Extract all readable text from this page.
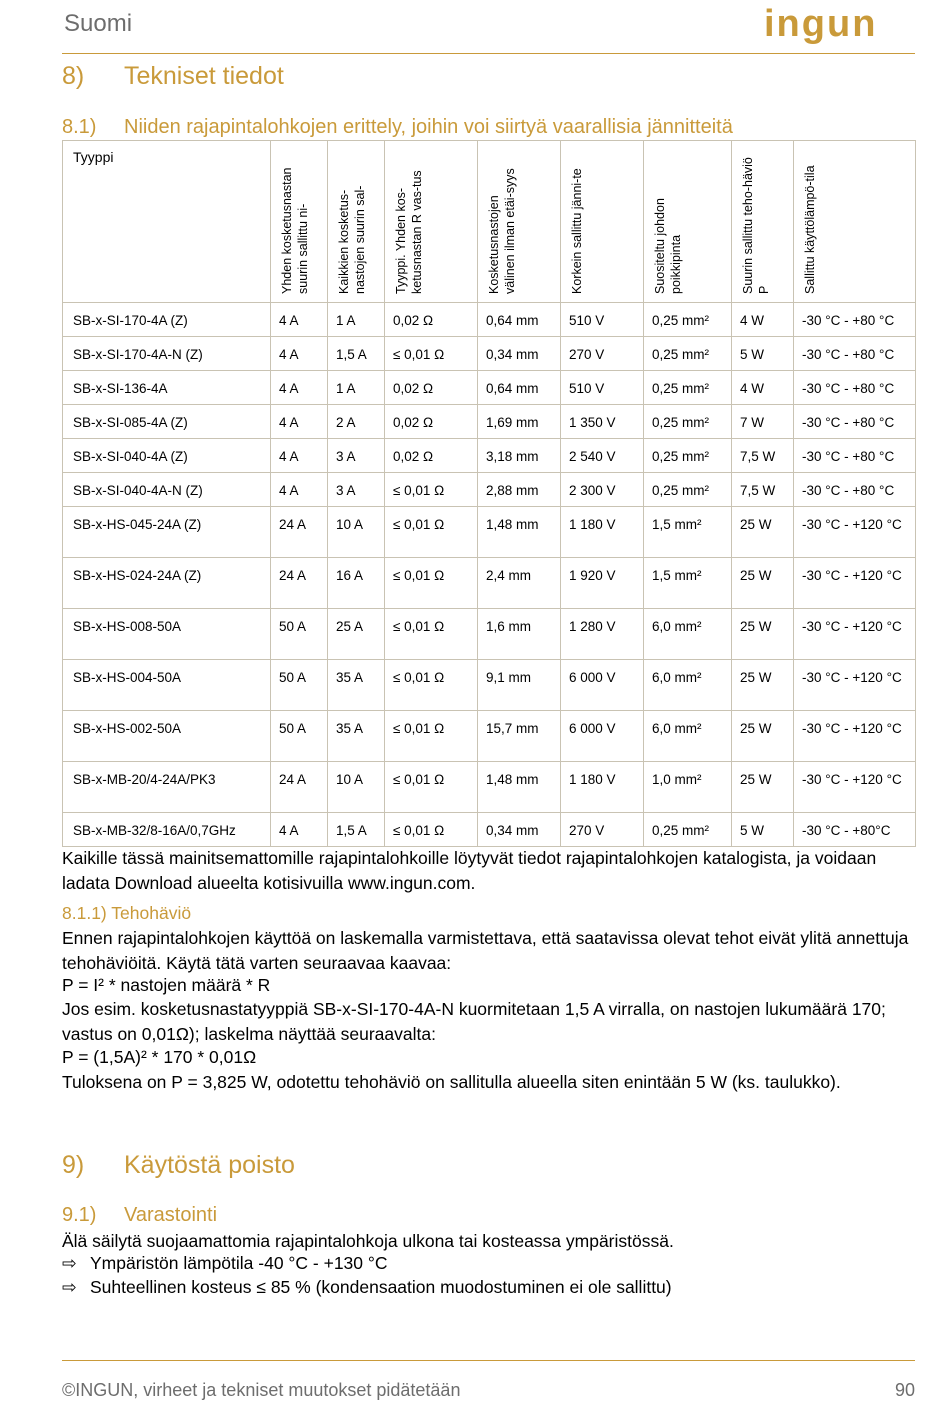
Suomi	ingun
8) Tekniset tiedot
8.1) Niiden rajapintalohkojen erittely, joihin voi siirtyä vaarallisia jännitteitä
Tyyppi	Yhden kosketusnastan suurin sallittu ni-	Kaikkien kosketus-nastojen suurin sal-	Tyyppi. Yhden kos-ketusnastan R vas-tus	Kosketusnastojen välinen ilman etäi-syys	Korkein sallittu jänni-te	Suositeltu johdon poikkipinta	Suurin sallittu teho-häviö P	Sallittu käyttölämpö-tila

SB-x-SI-170-4A (Z)	4 A	1 A	0,02 Ω	0,64 mm	510 V	0,25 mm²	4 W	-30 °C - +80 °C
SB-x-SI-170-4A-N (Z)	4 A	1,5 A	≤ 0,01 Ω	0,34 mm	270 V	0,25 mm²	5 W	-30 °C - +80 °C
SB-x-SI-136-4A	4 A	1 A	0,02 Ω	0,64 mm	510 V	0,25 mm²	4 W	-30 °C - +80 °C
SB-x-SI-085-4A (Z)	4 A	2 A	0,02 Ω	1,69 mm	1 350 V	0,25 mm²	7 W	-30 °C - +80 °C
SB-x-SI-040-4A (Z)	4 A	3 A	0,02 Ω	3,18 mm	2 540 V	0,25 mm²	7,5 W	-30 °C - +80 °C
SB-x-SI-040-4A-N (Z)	4 A	3 A	≤ 0,01 Ω	2,88 mm	2 300 V	0,25 mm²	7,5 W	-30 °C - +80 °C
SB-x-HS-045-24A (Z)	24 A	10 A	≤ 0,01 Ω	1,48 mm	1 180 V	1,5 mm²	25 W	-30 °C - +120 °C
SB-x-HS-024-24A (Z)	24 A	16 A	≤ 0,01 Ω	2,4 mm	1 920 V	1,5 mm²	25 W	-30 °C - +120 °C
SB-x-HS-008-50A	50 A	25 A	≤ 0,01 Ω	1,6 mm	1 280 V	6,0 mm²	25 W	-30 °C - +120 °C
SB-x-HS-004-50A	50 A	35 A	≤ 0,01 Ω	9,1 mm	6 000 V	6,0 mm²	25 W	-30 °C - +120 °C
SB-x-HS-002-50A	50 A	35 A	≤ 0,01 Ω	15,7 mm	6 000 V	6,0 mm²	25 W	-30 °C - +120 °C
SB-x-MB-20/4-24A/PK3	24 A	10 A	≤ 0,01 Ω	1,48 mm	1 180 V	1,0 mm²	25 W	-30 °C - +120 °C
SB-x-MB-32/8-16A/0,7GHz	4 A	1,5 A	≤ 0,01 Ω	0,34 mm	270 V	0,25 mm²	5 W	-30 °C - +80°C
Kaikille tässä mainitsemattomille rajapintalohkoille löytyvät tiedot rajapintalohkojen katalogista, ja voidaan ladata Download alueelta kotisivuilla www.ingun.com.
8.1.1) Tehohäviö
Ennen rajapintalohkojen käyttöä on laskemalla varmistettava, että saatavissa olevat tehot eivät ylitä annettuja tehohäviöitä. Käytä tätä varten seuraavaa kaavaa:
P = I² * nastojen määrä * R
Jos esim. kosketusnastatyyppiä SB-x-SI-170-4A-N kuormitetaan 1,5 A virralla, on nastojen lukumäärä 170; vastus on 0,01Ω); laskelma näyttää seuraavalta:
P = (1,5A)² * 170 * 0,01Ω
Tuloksena on P = 3,825 W, odotettu tehohäviö on sallitulla alueella siten enintään 5 W (ks. taulukko).
9) Käytöstä poisto
9.1) Varastointi
Älä säilytä suojaamattomia rajapintalohkoja ulkona tai kosteassa ympäristössä.
⇨ Ympäristön lämpötila -40 °C - +130 °C
⇨ Suhteellinen kosteus ≤ 85 % (kondensaation muodostuminen ei ole sallittu)
©INGUN, virheet ja tekniset muutokset pidätetään	90
